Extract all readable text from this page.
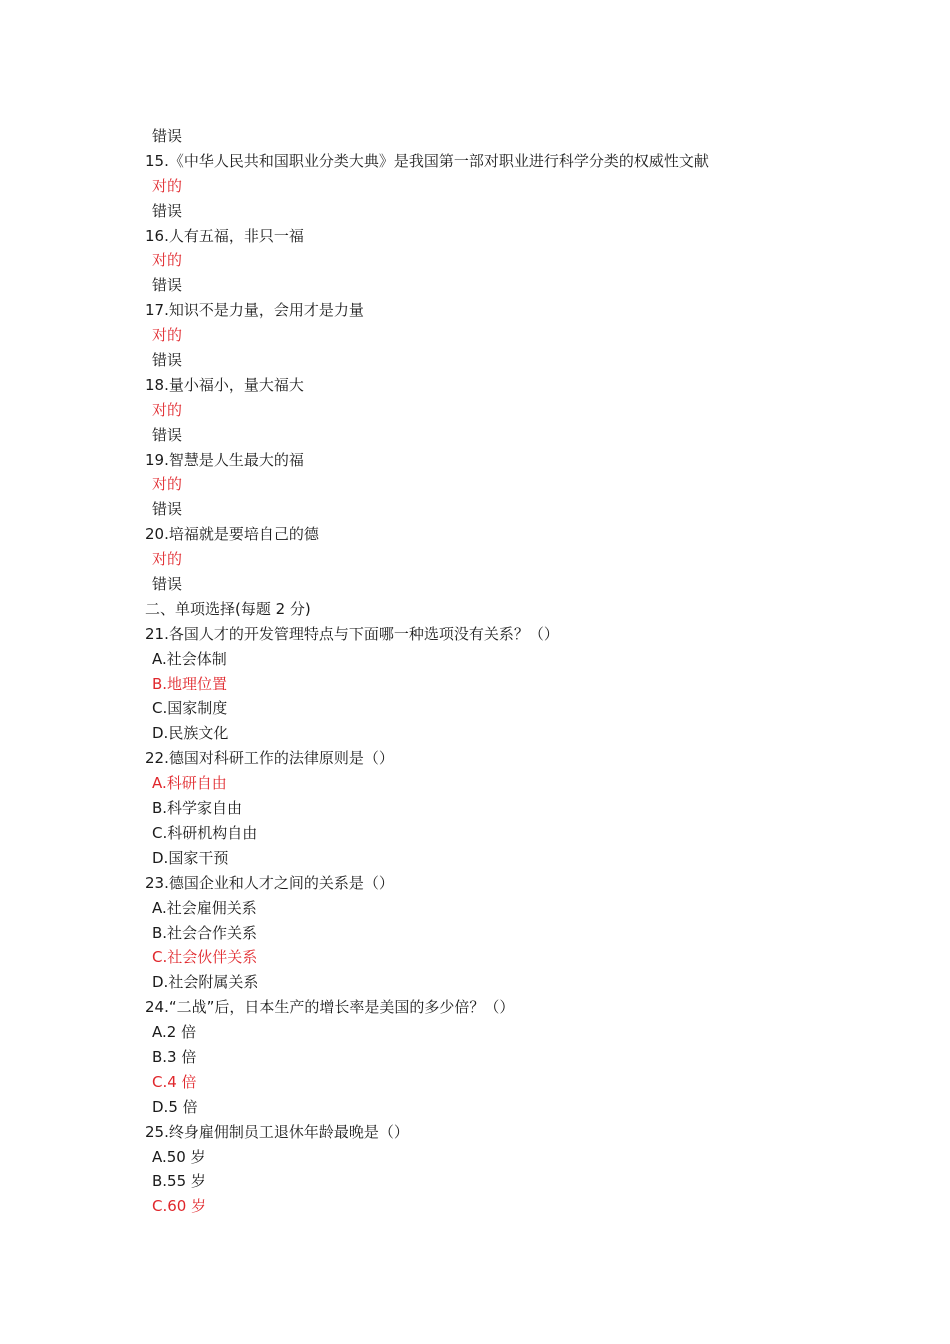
错误
15.《中华人民共和国职业分类大典》是我国第一部对职业进行科学分类的权威性文献
对的
错误
16.人有五福，非只一福
对的
错误
17.知识不是力量，会用才是力量
对的
错误
18.量小福小，量大福大
对的
错误
19.智慧是人生最大的福
对的
错误
20.培福就是要培自己的德
对的
错误
二、单项选择(每题 2 分)
21.各国人才的开发管理特点与下面哪一种选项没有关系？（）
A.社会体制
B.地理位置
C.国家制度
D.民族文化
22.德国对科研工作的法律原则是（）
A.科研自由
B.科学家自由
C.科研机构自由
D.国家干预
23.德国企业和人才之间的关系是（）
A.社会雇佣关系
B.社会合作关系
C.社会伙伴关系
D.社会附属关系
24.“二战”后，日本生产的增长率是美国的多少倍？（）
A.2 倍
B.3 倍
C.4 倍
D.5 倍
25.终身雇佣制员工退休年龄最晚是（）
A.50 岁
B.55 岁
C.60 岁
